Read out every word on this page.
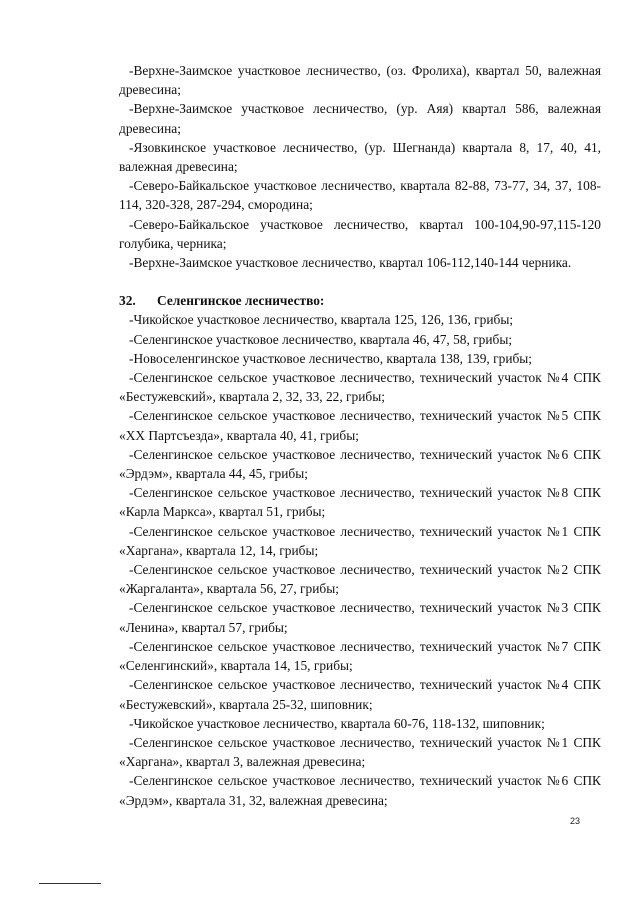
-Верхне-Заимское участковое лесничество, (оз. Фролиха), квартал 50, валежная древесина;

-Верхне-Заимское участковое лесничество, (ур. Аяя) квартал 586, валежная древесина;

-Язовкинское участковое лесничество, (ур. Шегнанда) квартала 8, 17, 40, 41, валежная древесина;

-Северо-Байкальское участковое лесничество, квартала 82-88, 73-77, 34, 37, 108-114, 320-328, 287-294, смородина;

-Северо-Байкальское участковое лесничество, квартал 100-104,90-97,115-120 голубика, черника;

-Верхне-Заимское участковое лесничество, квартал 106-112,140-144 черника.

32. Селенгинское лесничество:

-Чикойское участковое лесничество, квартала 125, 126, 136, грибы;

-Селенгинское участковое лесничество, квартала 46, 47, 58, грибы;

-Новоселенгинское участковое лесничество, квартала 138, 139, грибы;

-Селенгинское сельское участковое лесничество, технический участок №4 СПК «Бестужевский», квартала 2, 32, 33, 22, грибы;

-Селенгинское сельское участковое лесничество, технический участок №5 СПК «XX Партсъезда», квартала 40, 41, грибы;

-Селенгинское сельское участковое лесничество, технический участок №6 СПК «Эрдэм», квартала 44, 45, грибы;

-Селенгинское сельское участковое лесничество, технический участок №8 СПК «Карла Маркса», квартал 51, грибы;

-Селенгинское сельское участковое лесничество, технический участок №1 СПК «Харгана», квартала 12, 14, грибы;

-Селенгинское сельское участковое лесничество, технический участок №2 СПК «Жаргаланта», квартала 56, 27, грибы;

-Селенгинское сельское участковое лесничество, технический участок №3 СПК «Ленина», квартал 57, грибы;

-Селенгинское сельское участковое лесничество, технический участок №7 СПК «Селенгинский», квартала 14, 15, грибы;

-Селенгинское сельское участковое лесничество, технический участок №4 СПК «Бестужевский», квартала 25-32, шиповник;

-Чикойское участковое лесничество, квартала 60-76, 118-132, шиповник;

-Селенгинское сельское участковое лесничество, технический участок №1 СПК «Харгана», квартал 3, валежная древесина;

-Селенгинское сельское участковое лесничество, технический участок №6 СПК «Эрдэм», квартала 31, 32, валежная древесина;

23
